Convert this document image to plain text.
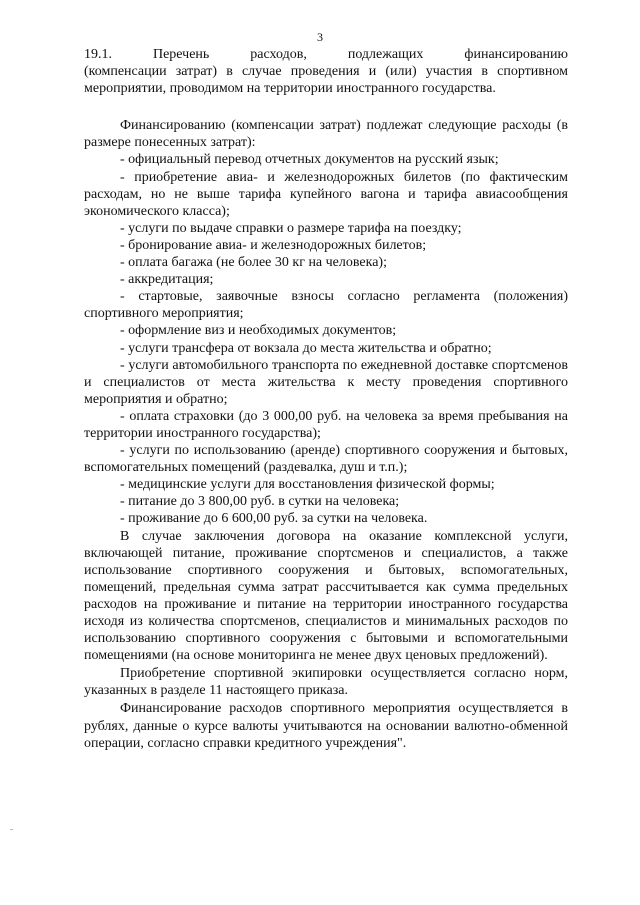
3
19.1.	Перечень	расходов,	подлежащих	финансированию

(компенсации затрат) в случае проведения и (или) участия в спортивном мероприятии, проводимом на территории иностранного государства.

Финансированию (компенсации затрат) подлежат следующие расходы (в размере понесенных затрат):

- официальный перевод отчетных документов на русский язык;

- приобретение авиа- и железнодорожных билетов (по фактическим расходам, но не выше тарифа купейного вагона и тарифа авиасообщения экономического класса);

- услуги по выдаче справки о размере тарифа на поездку;

- бронирование авиа- и железнодорожных билетов;

- оплата багажа (не более 30 кг на человека);

- аккредитация;

- стартовые, заявочные взносы согласно регламента (положения) спортивного мероприятия;

- оформление виз и необходимых документов;

- услуги трансфера от вокзала до места жительства и обратно;

- услуги автомобильного транспорта по ежедневной доставке спортсменов и специалистов от места жительства к месту проведения спортивного мероприятия и обратно;

- оплата страховки (до 3 000,00 руб. на человека за время пребывания на территории иностранного государства);

- услуги по использованию (аренде) спортивного сооружения и бытовых, вспомогательных помещений (раздевалка, душ и т.п.);

- медицинские услуги для восстановления физической формы;

- питание до 3 800,00 руб. в сутки на человека;

- проживание до 6 600,00 руб. за сутки на человека.

В случае заключения договора на оказание комплексной услуги, включающей питание, проживание спортсменов и специалистов, а также использование спортивного сооружения и бытовых, вспомогательных, помещений, предельная сумма затрат рассчитывается как сумма предельных расходов на проживание и питание на территории иностранного государства исходя из количества спортсменов, специалистов и минимальных расходов по использованию спортивного сооружения с бытовыми и вспомогательными помещениями (на основе мониторинга не менее двух ценовых предложений).

Приобретение спортивной экипировки осуществляется согласно норм, указанных в разделе 11 настоящего приказа.

Финансирование расходов спортивного мероприятия осуществляется в рублях, данные о курсе валюты учитываются на основании валютно-обменной операции, согласно справки кредитного учреждения".
